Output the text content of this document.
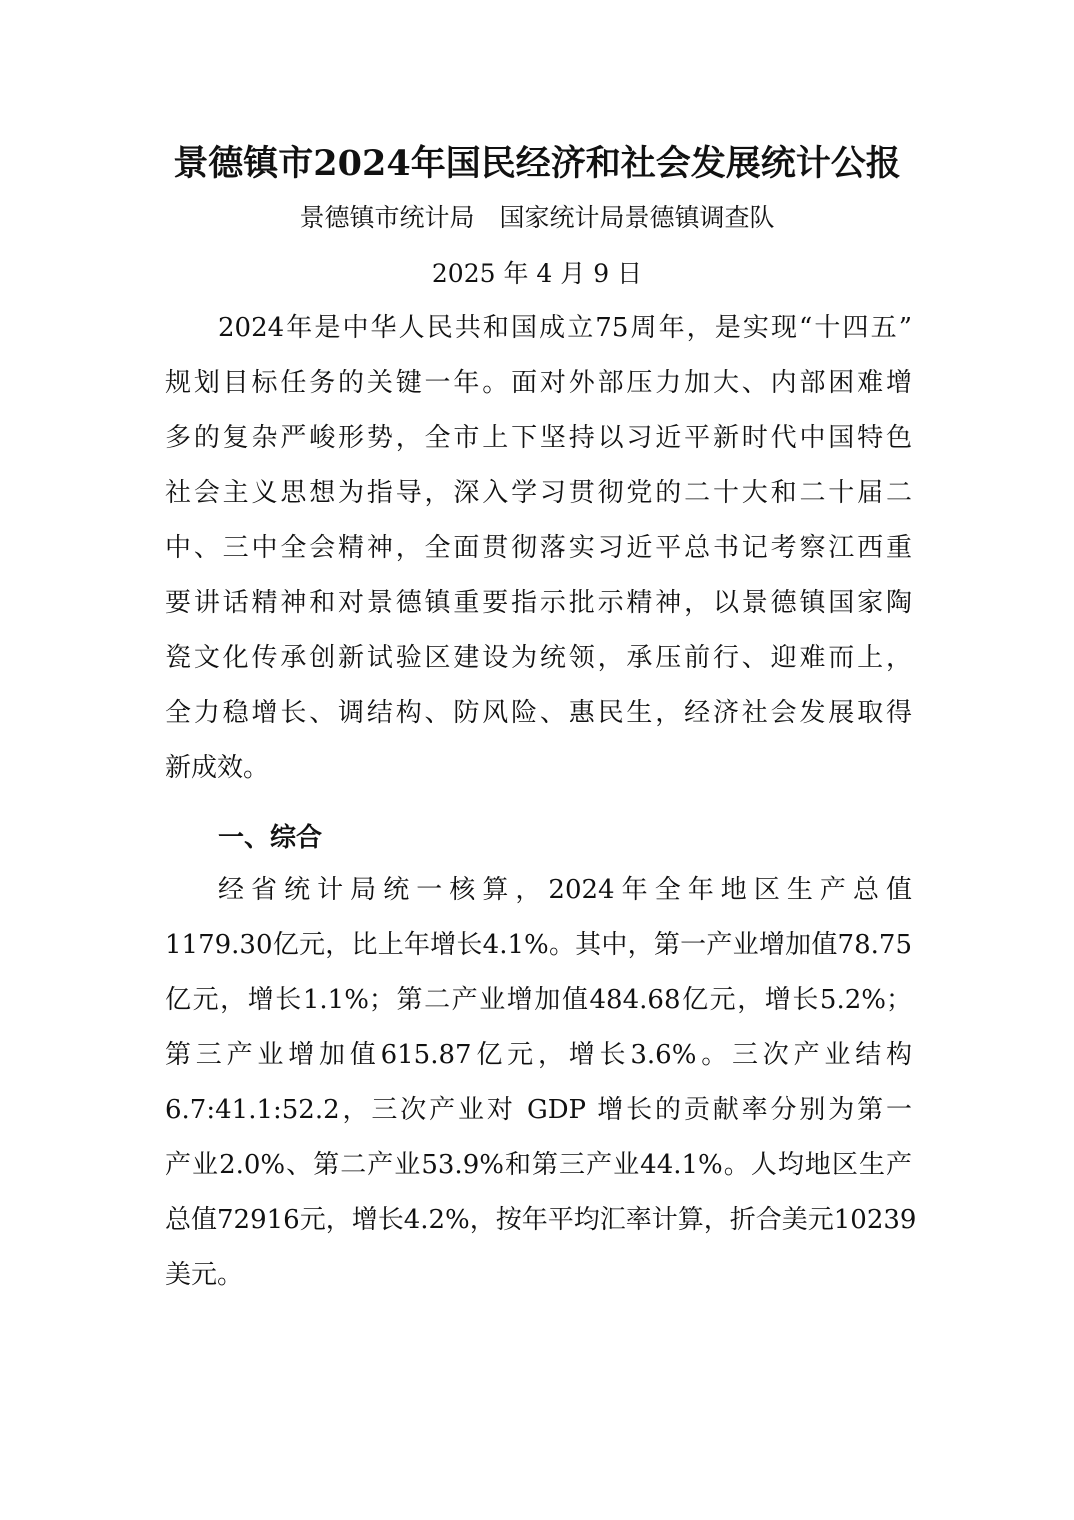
景德镇市2024年国民经济和社会发展统计公报
景德镇市统计局　国家统计局景德镇调查队
2025 年 4 月 9 日
2024年是中华人民共和国成立75周年，是实现“十四五”
规划目标任务的关键一年。面对外部压力加大、内部困难增
多的复杂严峻形势，全市上下坚持以习近平新时代中国特色
社会主义思想为指导，深入学习贯彻党的二十大和二十届二
中、三中全会精神，全面贯彻落实习近平总书记考察江西重
要讲话精神和对景德镇重要指示批示精神，以景德镇国家陶
瓷文化传承创新试验区建设为统领，承压前行、迎难而上，
全力稳增长、调结构、防风险、惠民生，经济社会发展取得
新成效。
一、综合
经省统计局统一核算，2024年全年地区生产总值
1179.30亿元，比上年增长4.1%。其中，第一产业增加值78.75
亿元，增长1.1%；第二产业增加值484.68亿元，增长5.2%；
第三产业增加值615.87亿元，增长3.6%。三次产业结构
6.7:41.1:52.2，三次产业对 GDP 增长的贡献率分别为第一
产业2.0%、第二产业53.9%和第三产业44.1%。人均地区生产
总值72916元，增长4.2%，按年平均汇率计算，折合美元10239
美元。
